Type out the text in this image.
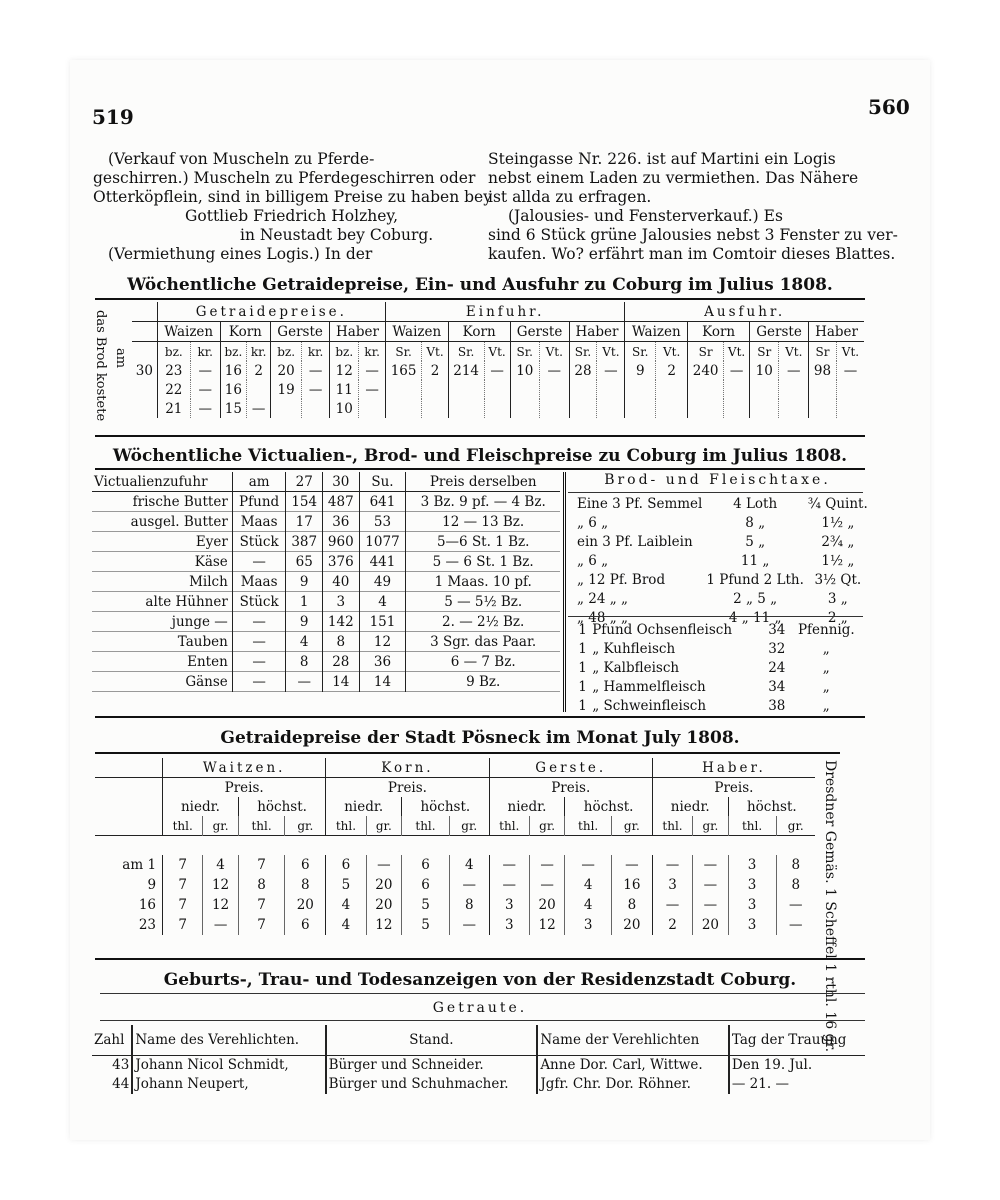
519	560
(Verkauf von Muscheln zu Pferde-
geschirren.) Muscheln zu Pferdegeschirren oder
Otterköpflein, sind in billigem Preise zu haben bey
Gottlieb Friedrich Holzhey,
in Neustadt bey Coburg.
(Vermiethung eines Logis.) In der
Steingasse Nr. 226. ist auf Martini ein Logis
nebst einem Laden zu vermiethen. Das Nähere
ist allda zu erfragen.
(Jalousies- und Fensterverkauf.) Es
sind 6 Stück grüne Jalousies nebst 3 Fenster zu ver-
kaufen. Wo? erfährt man im Comtoir dieses Blattes.
Wöchentliche Getraidepreise, Ein- und Ausfuhr zu Coburg im Julius 1808.
das Brod kostete am
	Getraidepreise.								Einfuhr.								Ausfuhr.							
	Waizen		Korn		Gerste		Haber		Waizen		Korn		Gerste		Haber		Waizen		Korn		Gerste		Haber	
	bz.	kr.	bz.	kr.	bz.	kr.	bz.	kr.	Sr.	Vt.	Sr.	Vt.	Sr.	Vt.	Sr.	Vt.	Sr.	Vt.	Sr	Vt.	Sr	Vt.	Sr	Vt.
30	23	—	16	2	20	—	12	—	165	2	214	—	10	—	28	—	9	2	240	—	10	—	98	—
	22	—	16		19	—	11	—																
	21	—	15	—			10																	
Wöchentliche Victualien-, Brod- und Fleischpreise zu Coburg im Julius 1808.
Victualienzufuhr	am	27	30	Su.	Preis derselben
frische Butter	Pfund	154	487	641	3 Bz. 9 pf. — 4 Bz.
ausgel. Butter	Maas	17	36	53	12 — 13 Bz.
Eyer	Stück	387	960	1077	5—6 St. 1 Bz.
Käse	—	65	376	441	5 — 6 St. 1 Bz.
Milch	Maas	9	40	49	1 Maas. 10 pf.
alte Hühner	Stück	1	3	4	5 — 5½ Bz.
junge —	—	9	142	151	2. — 2½ Bz.
Tauben	—	4	8	12	3 Sgr. das Paar.
Enten	—	8	28	36	6 — 7 Bz.
Gänse	—	—	14	14	9 Bz.
Brod- und Fleischtaxe.
Eine 3 Pf. Semmel	4 Loth	¾ Quint.
„ 6 „	8 „	1½ „
ein 3 Pf. Laiblein	5 „	2¾ „
„ 6 „	11 „	1½ „
„ 12 Pf. Brod	1 Pfund 2 Lth.	3½ Qt.
„ 24 „ „	2 „ 5 „	3 „
„ 48 „ „	4 „ 11 „	2 „
1	Pfund Ochsenfleisch	34	Pfennig.
1	„ Kuhfleisch	32	„
1	„ Kalbfleisch	24	„
1	„ Hammelfleisch	34	„
1	„ Schweinfleisch	38	„
Getraidepreise der Stadt Pösneck im Monat July 1808.
Dresdner Gemäs. 1 Scheffel 1 rthl. 16 gr.
	Waitzen.				Korn.				Gerste.				Haber.			
	Preis.				Preis.				Preis.				Preis.			
	niedr.		höchst.		niedr.		höchst.		niedr.		höchst.		niedr.		höchst.	
	thl.	gr.	thl.	gr.	thl.	gr.	thl.	gr.	thl.	gr.	thl.	gr.	thl.	gr.	thl.	gr.

am 1	7	4	7	6	6	—	6	4	—	—	—	—	—	—	3	8
9	7	12	8	8	5	20	6	—	—	—	4	16	3	—	3	8
16	7	12	7	20	4	20	5	8	3	20	4	8	—	—	3	—
23	7	—	7	6	4	12	5	—	3	12	3	20	2	20	3	—

Geburts-, Trau- und Todesanzeigen von der Residenzstadt Coburg.
Getraute.
Zahl	Name des Verehlichten.	Stand.	Name der Verehlichten	Tag der Trauung
43	Johann Nicol Schmidt,	Bürger und Schneider.	Anne Dor. Carl, Wittwe.	Den 19. Jul.
44	Johann Neupert,	Bürger und Schuhmacher.	Jgfr. Chr. Dor. Röhner.	— 21. —
